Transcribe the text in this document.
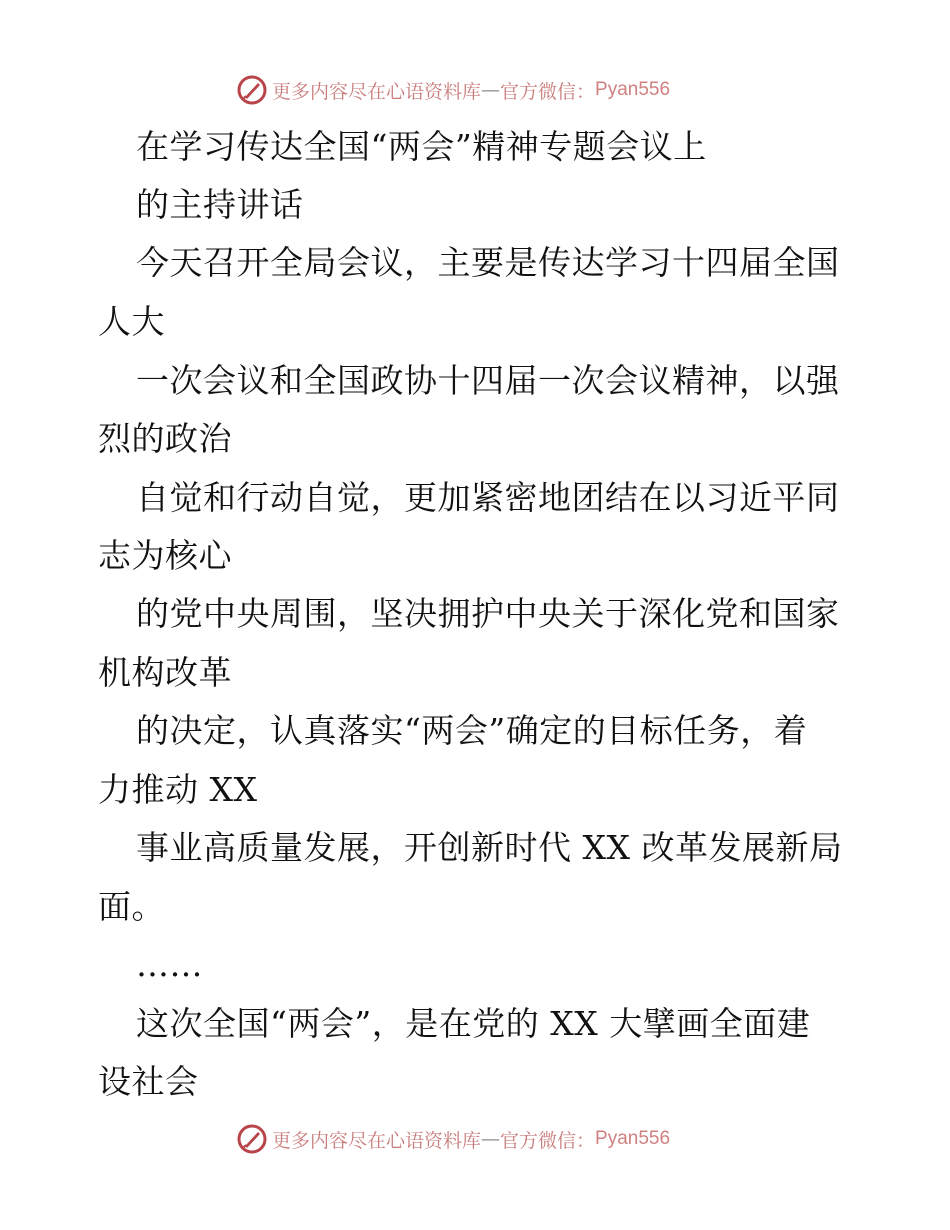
更多内容尽在心语资料库 — 官方微信： Pyan556
在学习传达全国“两会”精神专题会议上
的主持讲话
今天召开全局会议，主要是传达学习十四届全国
人大
一次会议和全国政协十四届一次会议精神，以强
烈的政治
自觉和行动自觉，更加紧密地团结在以习近平同
志为核心
的党中央周围，坚决拥护中央关于深化党和国家
机构改革
的决定，认真落实“两会”确定的目标任务，着
力推动 XX
事业高质量发展，开创新时代 XX 改革发展新局
面。
……
这次全国“两会”，是在党的 XX 大擘画全面建
设社会
更多内容尽在心语资料库 — 官方微信： Pyan556
